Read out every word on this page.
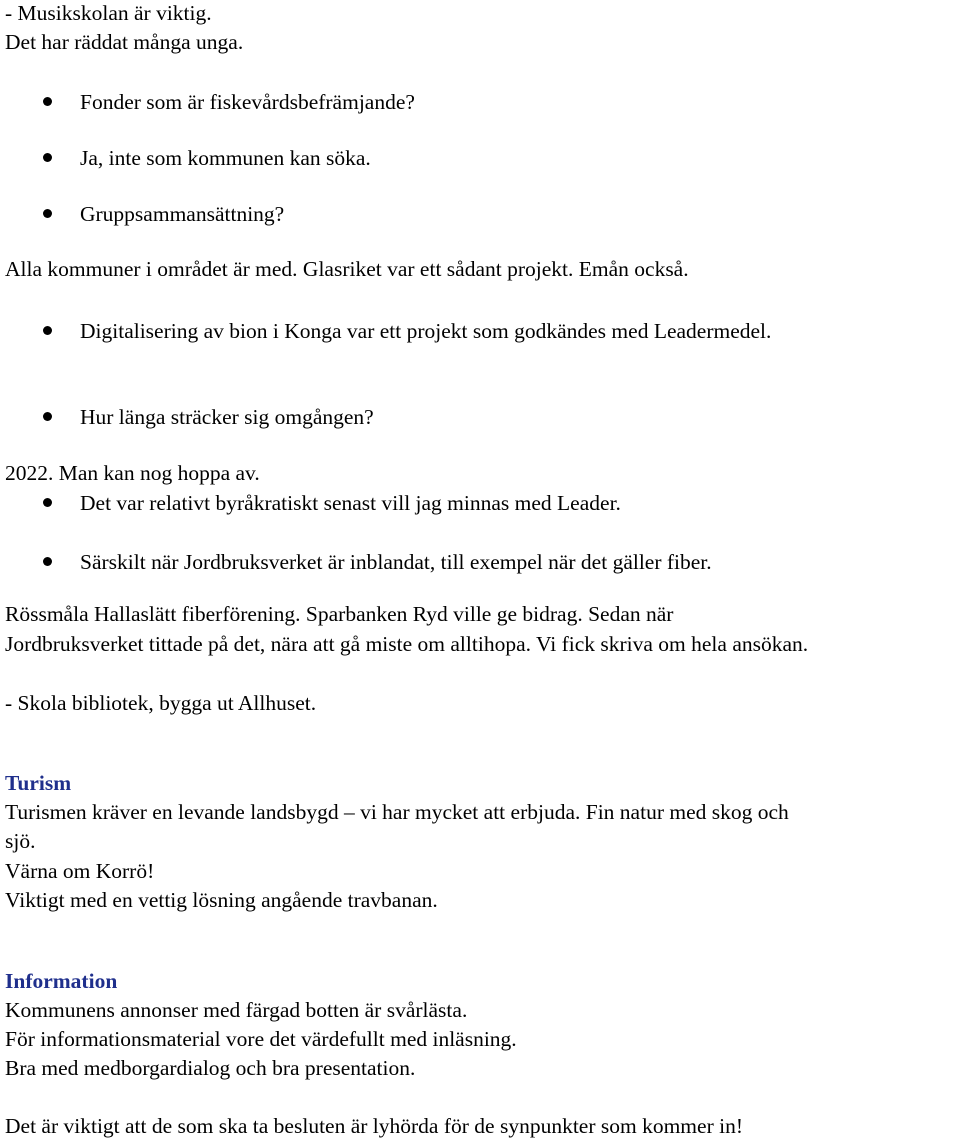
- Musikskolan är viktig.
Det har räddat många unga.
Fonder som är fiskevårdsbefrämjande?
Ja, inte som kommunen kan söka.
Gruppsammansättning?
Alla kommuner i området är med. Glasriket var ett sådant projekt. Emån också.
Digitalisering av bion i Konga var ett projekt som godkändes med Leadermedel.
Hur länga sträcker sig omgången?
2022. Man kan nog hoppa av.
Det var relativt byråkratiskt senast vill jag minnas med Leader.
Särskilt när Jordbruksverket är inblandat, till exempel när det gäller fiber.
Rössmåla Hallaslätt fiberförening. Sparbanken Ryd ville ge bidrag. Sedan när
Jordbruksverket tittade på det, nära att gå miste om alltihopa. Vi fick skriva om hela ansökan.
- Skola bibliotek, bygga ut Allhuset.
Turism
Turismen kräver en levande landsbygd – vi har mycket att erbjuda. Fin natur med skog och
sjö.
Värna om Korrö!
Viktigt med en vettig lösning angående travbanan.
Information
Kommunens annonser med färgad botten är svårlästa.
För informationsmaterial vore det värdefullt med inläsning.
Bra med medborgardialog och bra presentation.
Det är viktigt att de som ska ta besluten är lyhörda för de synpunkter som kommer in!
